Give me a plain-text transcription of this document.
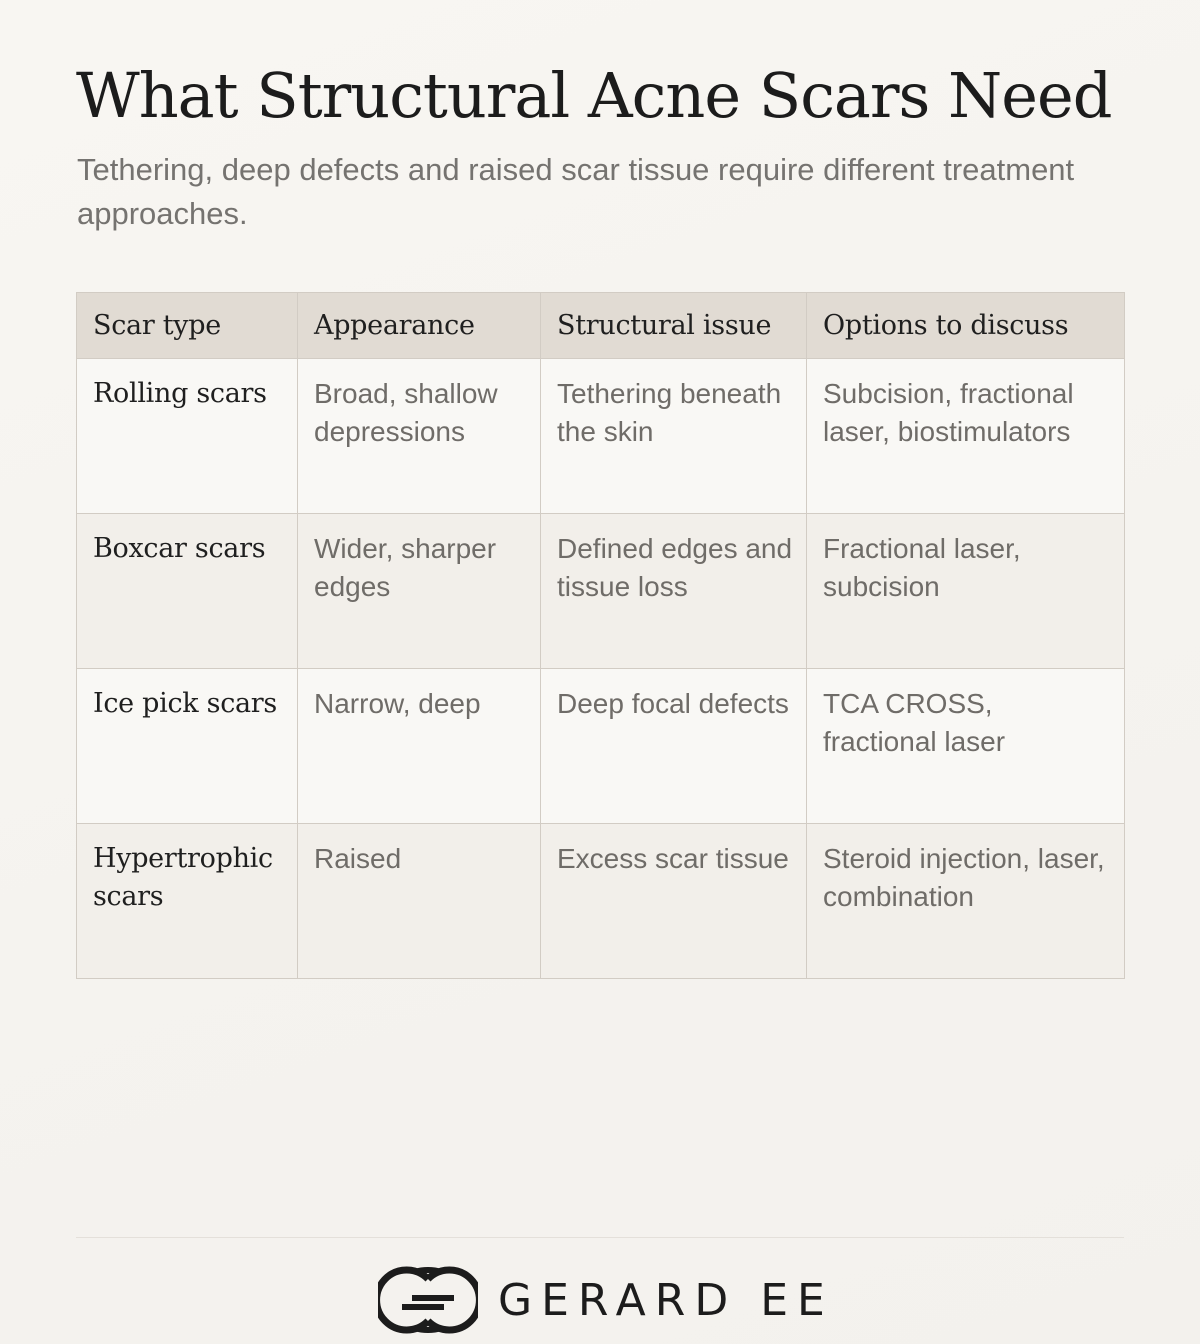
What Structural Acne Scars Need

Tethering, deep defects and raised scar tissue require different treatment approaches.

Scar type	Appearance	Structural issue	Options to discuss
Rolling scars	Broad, shallow depressions	Tethering beneath the skin	Subcision, fractional laser, biostimulators
Boxcar scars	Wider, sharper edges	Defined edges and tissue loss	Fractional laser, subcision
Ice pick scars	Narrow, deep	Deep focal defects	TCA CROSS, fractional laser
Hypertrophic scars	Raised	Excess scar tissue	Steroid injection, laser, combination
GERARD EE
